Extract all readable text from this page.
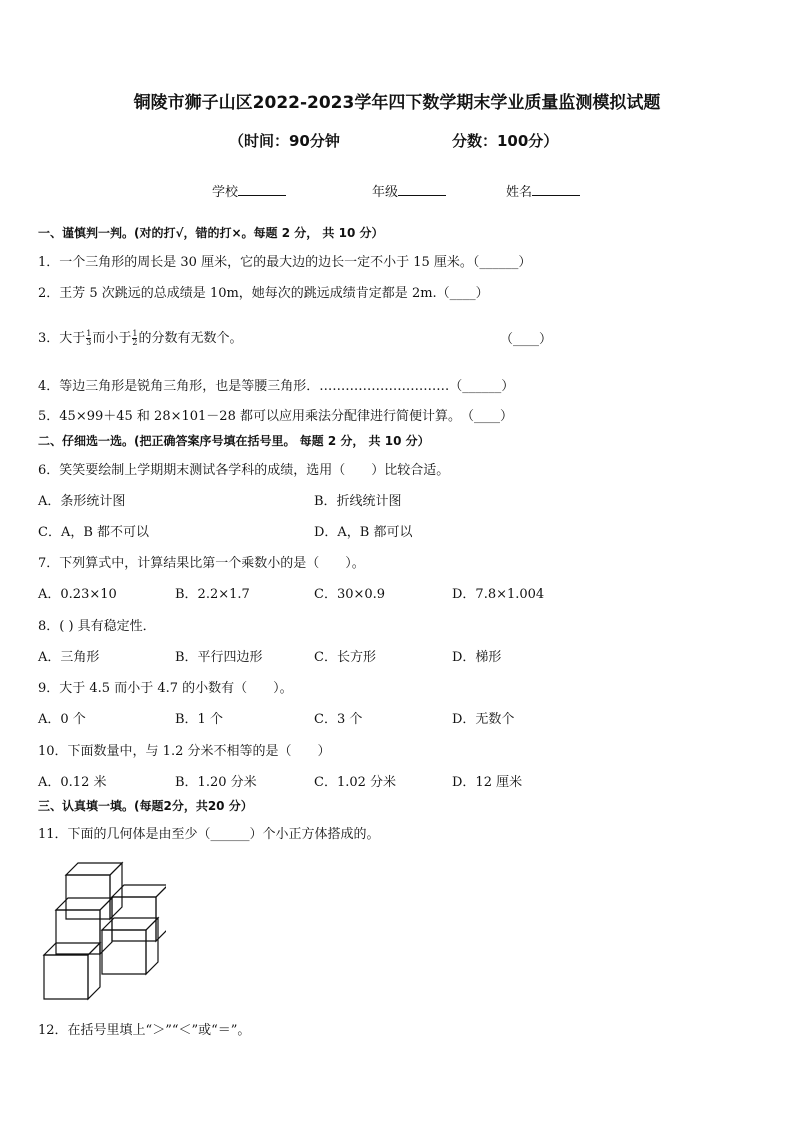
铜陵市狮子山区2022-2023学年四下数学期末学业质量监测模拟试题
（时间：90分钟	分数：100分）
学校	年级	姓名
一、谨慎判一判。(对的打√，错的打×。每题 2 分， 共 10 分）
1．一个三角形的周长是 30 厘米，它的最大边的边长一定不小于 15 厘米。（______）
2．王芳 5 次跳远的总成绩是 10m，她每次的跳远成绩肯定都是 2m.（____）
3．大于 $\frac{1}{3}$ 而小于 $\frac{1}{2}$ 的分数有无数个。	（____）
4．等边三角形是锐角三角形，也是等腰三角形．…………………………（______）
5．45×99＋45 和 28×101－28 都可以应用乘法分配律进行简便计算。　（____）
二、仔细选一选。(把正确答案序号填在括号里。 每题 2 分， 共 10 分）
6．笑笑要绘制上学期期末测试各学科的成绩，选用（　　）比较合适。
A．条形统计图	B．折线统计图
C．A，B 都不可以	D．A，B 都可以
7．下列算式中，计算结果比第一个乘数小的是（　　）。
A．0.23×10	B．2.2×1.7	C．30×0.9	D．7.8×1.004
8．( ) 具有稳定性．
A．三角形	B．平行四边形	C．长方形	D．梯形
9．大于 4.5 而小于 4.7 的小数有（　　）。
A．0 个	B．1 个	C．3 个	D．无数个
10．下面数量中，与 1.2 分米不相等的是（　　）
A．0.12 米	B．1.20 分米	C．1.02 分米	D．12 厘米
三、认真填一填。(每题2分，共20 分）
11．下面的几何体是由至少（______）个小正方体搭成的。
12．在括号里填上“＞”“＜”或“＝”。
